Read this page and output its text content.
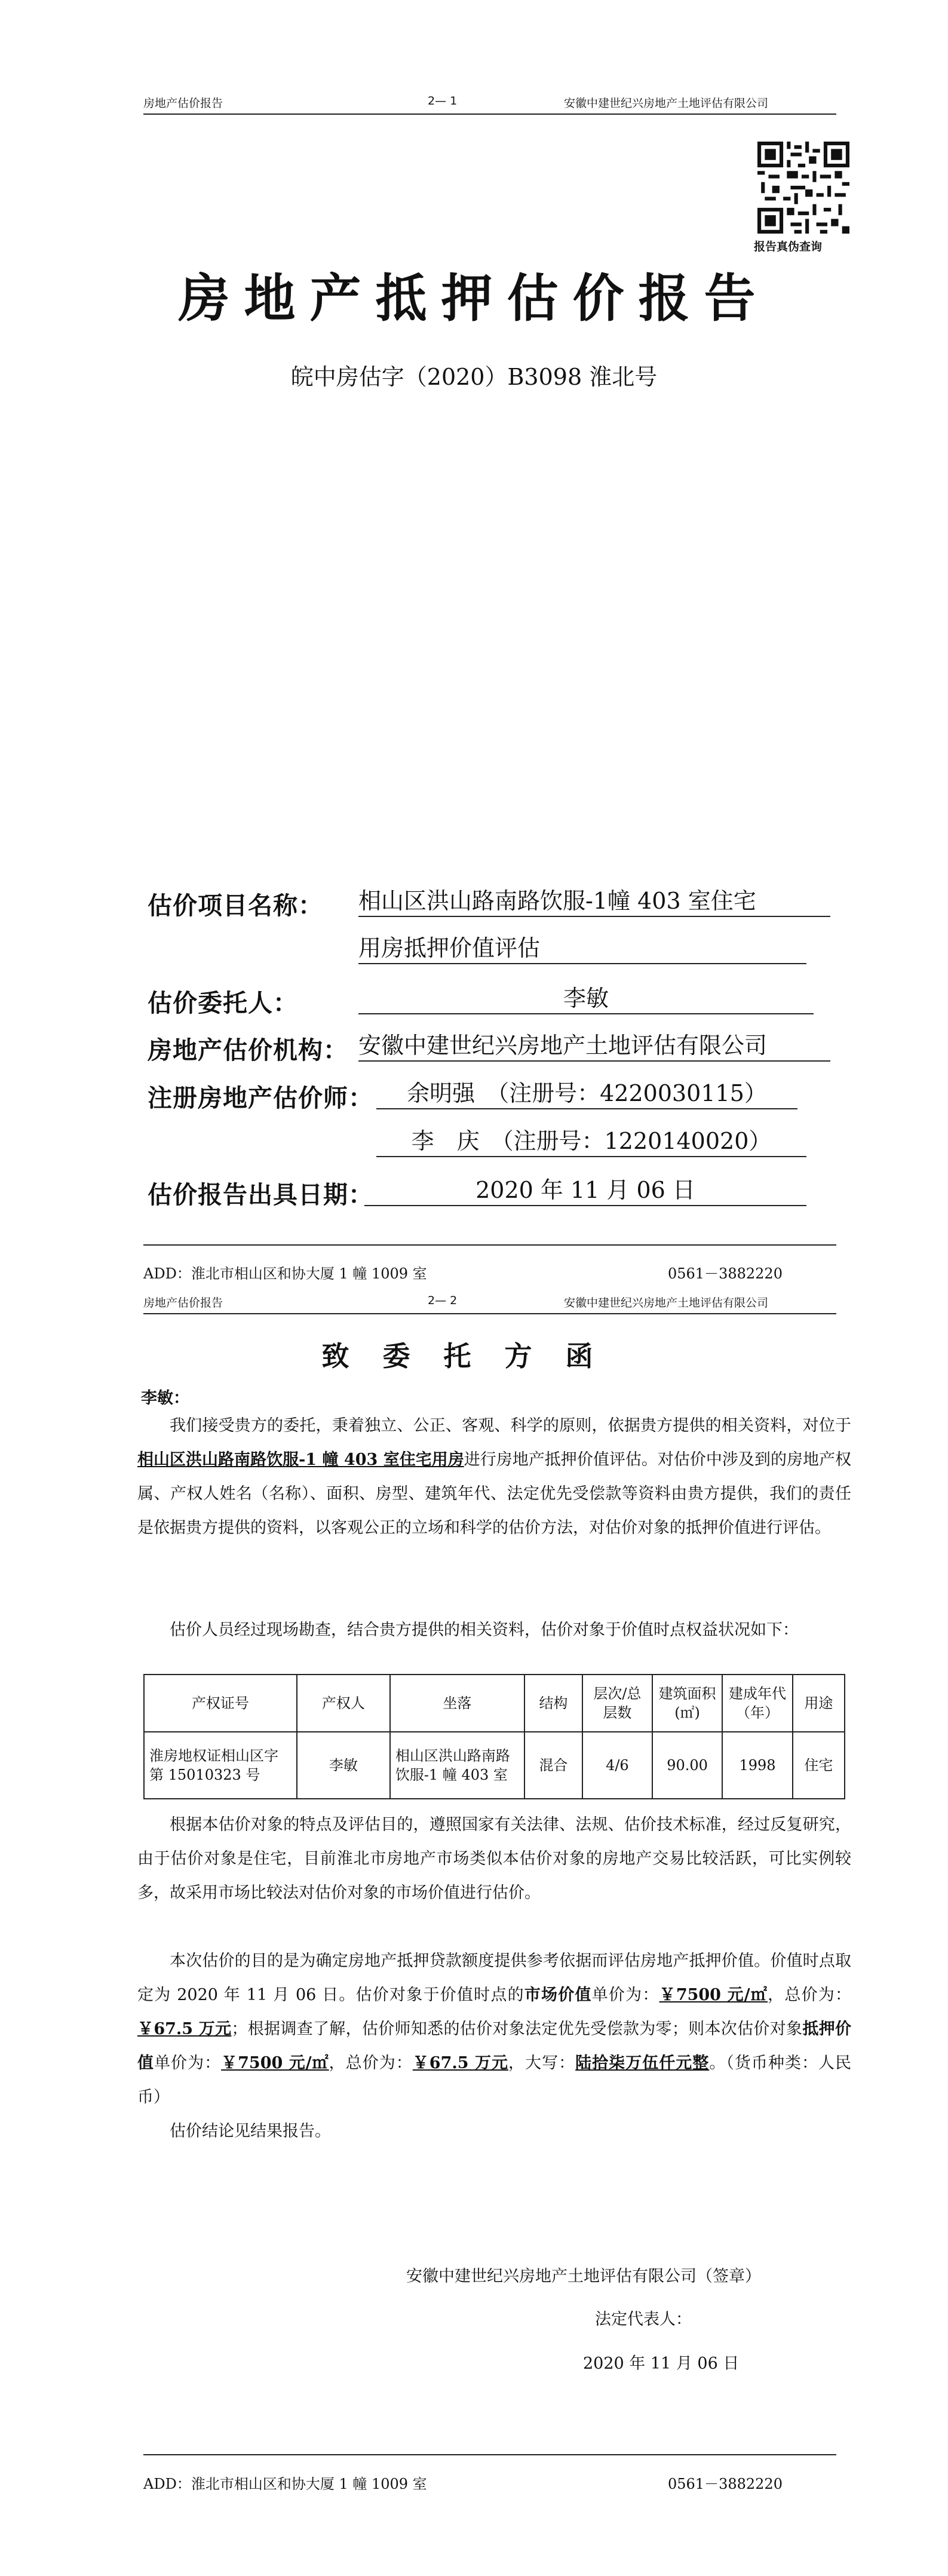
房地产估价报告	2— 1	安徽中建世纪兴房地产土地评估有限公司
报告真伪查询
房地产抵押估价报告
皖中房估字（2020）B3098 淮北号
估价项目名称： 相山区洪山路南路饮服-1幢 403 室住宅
用房抵押价值评估
估价委托人：	李敏
房地产估价机构： 安徽中建世纪兴房地产土地评估有限公司
注册房地产估价师：	余明强　（注册号：4220030115）
李　庆　（注册号：1220140020）
估价报告出具日期：	2020 年 11 月 06 日
ADD：淮北市相山区和协大厦 1 幢 1009 室	0561－3882220
房地产估价报告	2— 2	安徽中建世纪兴房地产土地评估有限公司
致委托方函
李敏：
我们接受贵方的委托，秉着独立、公正、客观、科学的原则，依据贵方提供的相关资料，对位于相山区洪山路南路饮服-1 幢 403 室住宅用房进行房地产抵押价值评估。对估价中涉及到的房地产权属、产权人姓名（名称）、面积、房型、建筑年代、法定优先受偿款等资料由贵方提供，我们的责任是依据贵方提供的资料，以客观公正的立场和科学的估价方法，对估价对象的抵押价值进行评估。
估价人员经过现场勘查，结合贵方提供的相关资料，估价对象于价值时点权益状况如下：
产权证号	产权人	坐落	结构	层次/总层数	建筑面积(㎡)	建成年代（年）	用途
淮房地权证相山区字第 15010323 号	李敏	相山区洪山路南路饮服-1 幢 403 室	混合	4/6	90.00	1998	住宅
根据本估价对象的特点及评估目的，遵照国家有关法律、法规、估价技术标准，经过反复研究，由于估价对象是住宅，目前淮北市房地产市场类似本估价对象的房地产交易比较活跃，可比实例较多，故采用市场比较法对估价对象的市场价值进行估价。
本次估价的目的是为确定房地产抵押贷款额度提供参考依据而评估房地产抵押价值。价值时点取定为 2020 年 11 月 06 日。估价对象于价值时点的市场价值单价为：￥7500 元/㎡，总价为：￥67.5 万元；根据调查了解，估价师知悉的估价对象法定优先受偿款为零；则本次估价对象抵押价值单价为：￥7500 元/㎡，总价为：￥67.5 万元，大写：陆拾柒万伍仟元整。（货币种类：人民币）
估价结论见结果报告。
安徽中建世纪兴房地产土地评估有限公司（签章）
法定代表人：
2020 年 11 月 06 日
ADD：淮北市相山区和协大厦 1 幢 1009 室	0561－3882220
